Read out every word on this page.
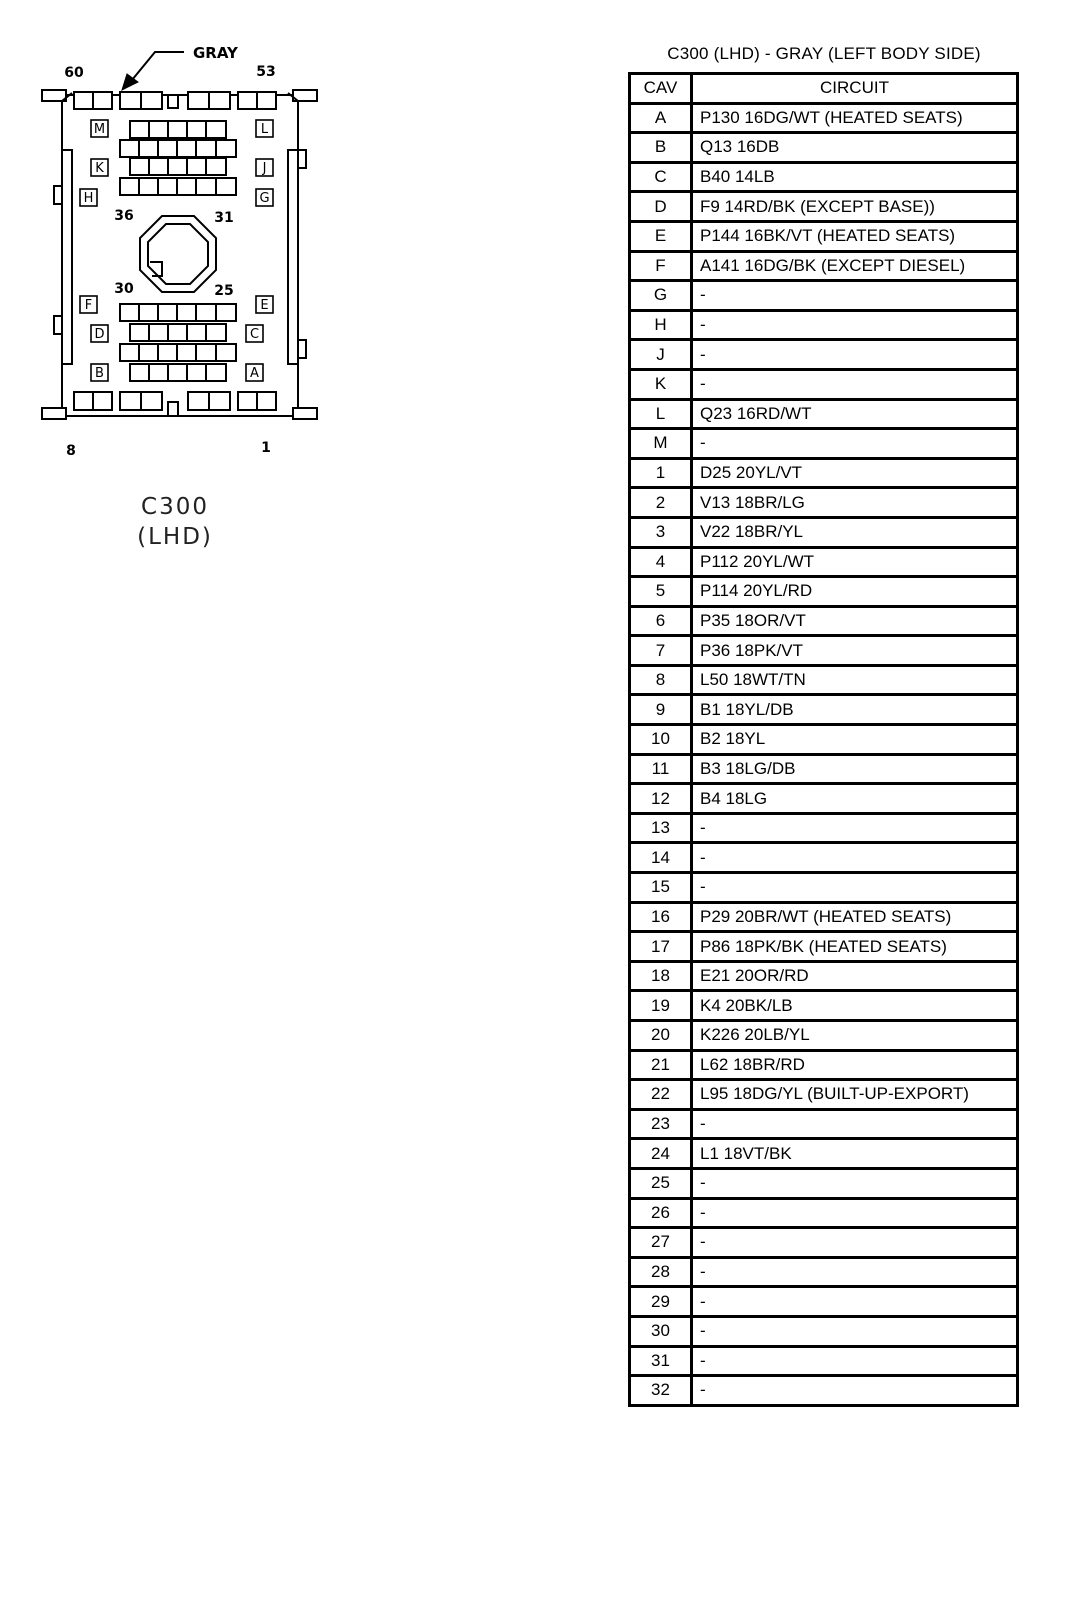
M	L
K	J
H	G
F	E
D	C
B	A
60	53
8	1
36	31
30	25
GRAY
C300
(LHD)
C300 (LHD) - GRAY (LEFT BODY SIDE)
CAV	CIRCUIT
A	P130 16DG/WT (HEATED SEATS)
B	Q13 16DB
C	B40 14LB
D	F9 14RD/BK (EXCEPT BASE))
E	P144 16BK/VT (HEATED SEATS)
F	A141 16DG/BK (EXCEPT DIESEL)
G	-
H	-
J	-
K	-
L	Q23 16RD/WT
M	-
1	D25 20YL/VT
2	V13 18BR/LG
3	V22 18BR/YL
4	P112 20YL/WT
5	P114 20YL/RD
6	P35 18OR/VT
7	P36 18PK/VT
8	L50 18WT/TN
9	B1 18YL/DB
10	B2 18YL
11	B3 18LG/DB
12	B4 18LG
13	-
14	-
15	-
16	P29 20BR/WT (HEATED SEATS)
17	P86 18PK/BK (HEATED SEATS)
18	E21 20OR/RD
19	K4 20BK/LB
20	K226 20LB/YL
21	L62 18BR/RD
22	L95 18DG/YL (BUILT-UP-EXPORT)
23	-
24	L1 18VT/BK
25	-
26	-
27	-
28	-
29	-
30	-
31	-
32	-
